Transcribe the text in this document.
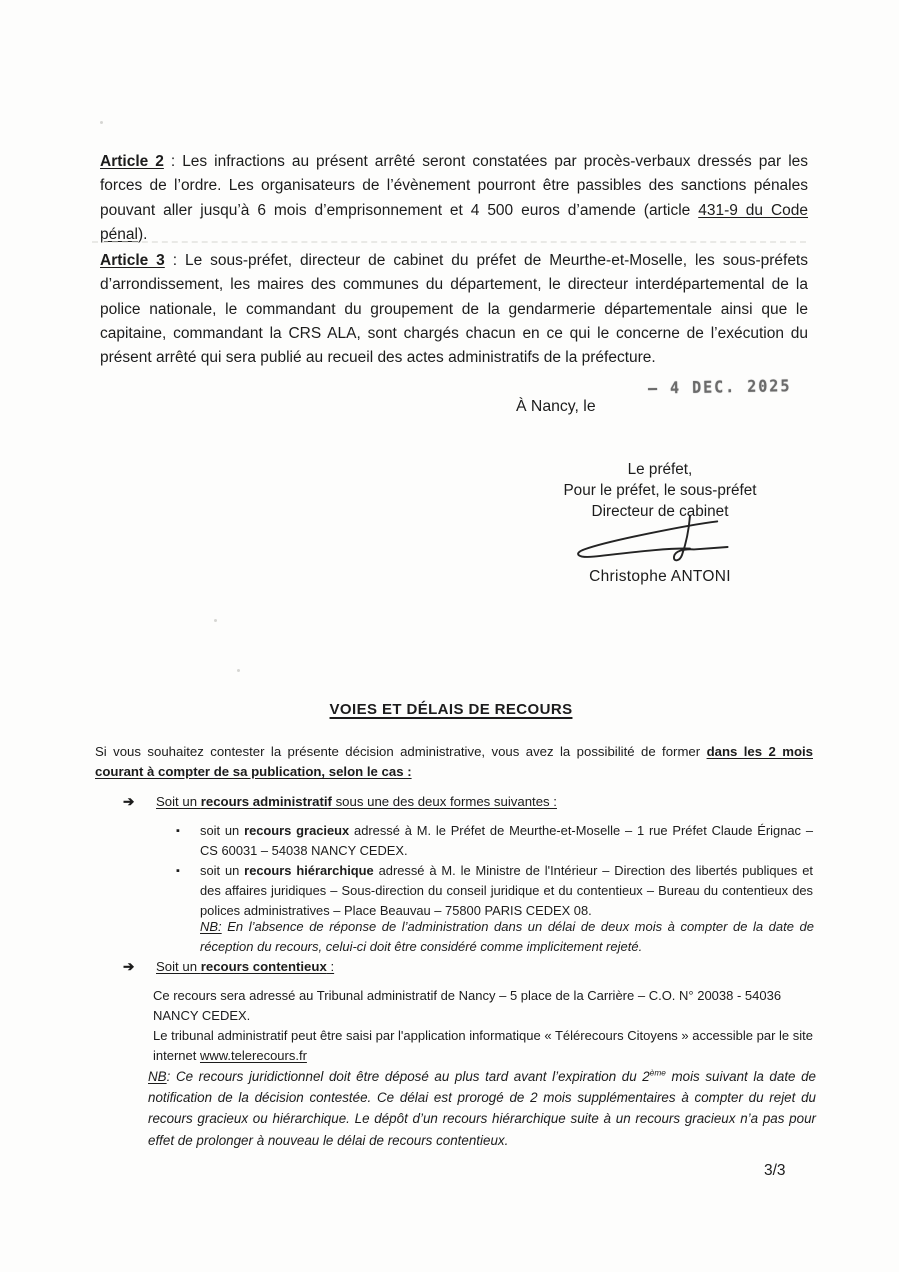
Article 2 : Les infractions au présent arrêté seront constatées par procès-verbaux dressés par les forces de l’ordre. Les organisateurs de l’évènement pourront être passibles des sanctions pénales pouvant aller jusqu’à 6 mois d’emprisonnement et 4 500 euros d’amende (article 431-9 du Code pénal).

Article 3 : Le sous-préfet, directeur de cabinet du préfet de Meurthe-et-Moselle, les sous-préfets d’arrondissement, les maires des communes du département, le directeur interdépartemental de la police nationale, le commandant du groupement de la gendarmerie départementale ainsi que le capitaine, commandant la CRS ALA, sont chargés chacun en ce qui le concerne de l’exécution du présent arrêté qui sera publié au recueil des actes administratifs de la préfecture.

– 4 DEC. 2025

À Nancy, le

Le préfet,
Pour le préfet, le sous-préfet
Directeur de cabinet

Christophe ANTONI

VOIES ET DÉLAIS DE RECOURS

Si vous souhaitez contester la présente décision administrative, vous avez la possibilité de former dans les 2 mois courant à compter de sa publication, selon le cas :

➔ Soit un recours administratif sous une des deux formes suivantes :
▪	soit un recours gracieux adressé à M. le Préfet de Meurthe-et-Moselle – 1 rue Préfet Claude Érignac – CS 60031 – 54038 NANCY CEDEX.
▪	soit un recours hiérarchique adressé à M. le Ministre de l'Intérieur – Direction des libertés publiques et des affaires juridiques – Sous-direction du conseil juridique et du contentieux – Bureau du contentieux des polices administratives – Place Beauvau – 75800 PARIS CEDEX 08.

NB: En l’absence de réponse de l’administration dans un délai de deux mois à compter de la date de réception du recours, celui-ci doit être considéré comme implicitement rejeté.

➔ Soit un recours contentieux :

Ce recours sera adressé au Tribunal administratif de Nancy – 5 place de la Carrière – C.O. N° 20038 - 54036 NANCY CEDEX.

Le tribunal administratif peut être saisi par l'application informatique « Télérecours Citoyens » accessible par le site internet www.telerecours.fr

NB: Ce recours juridictionnel doit être déposé au plus tard avant l’expiration du 2ème mois suivant la date de notification de la décision contestée. Ce délai est prorogé de 2 mois supplémentaires à compter du rejet du recours gracieux ou hiérarchique. Le dépôt d’un recours hiérarchique suite à un recours gracieux n’a pas pour effet de prolonger à nouveau le délai de recours contentieux.

3/3
